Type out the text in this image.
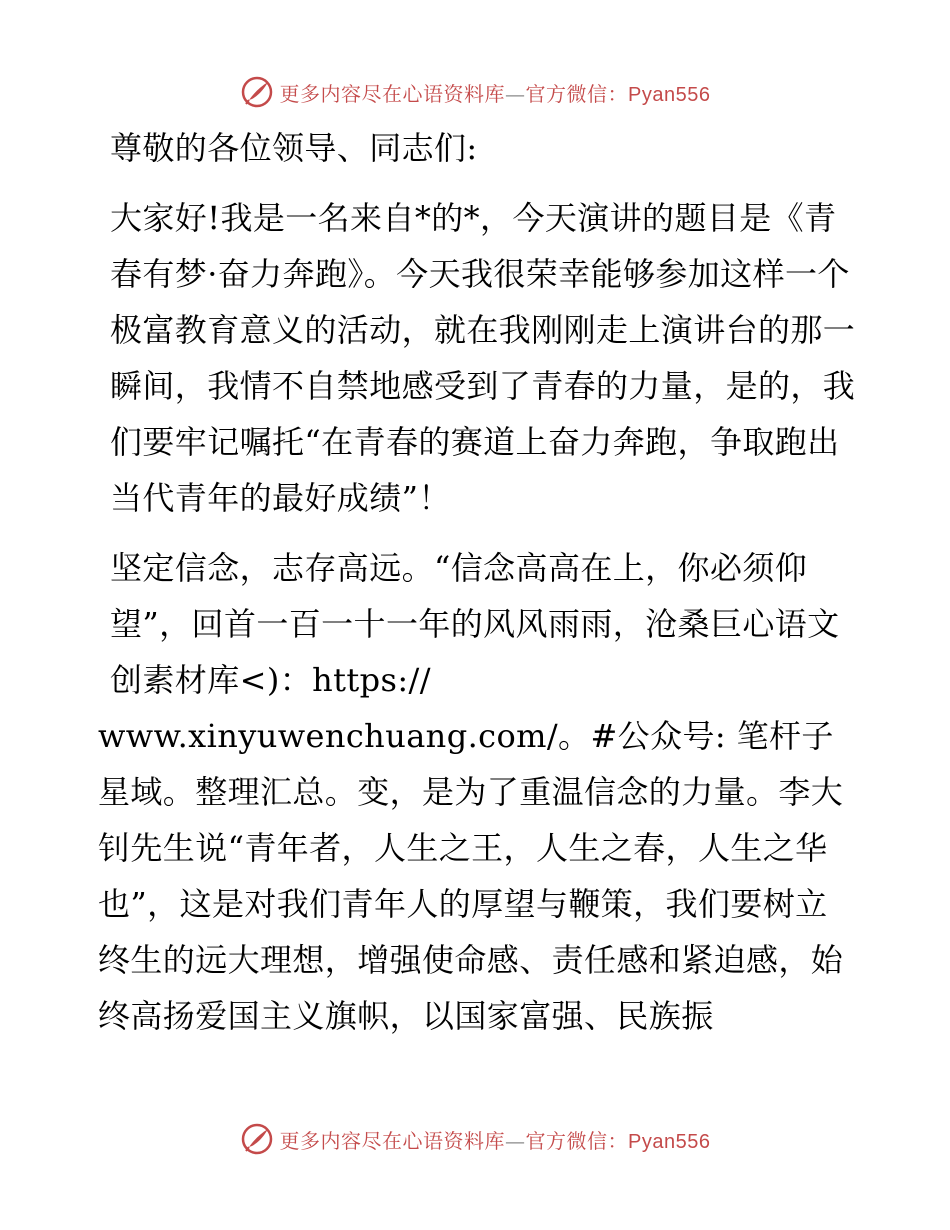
更多内容尽在心语资料库—官方微信：Pyan556

尊敬的各位领导、同志们:

大家好!我是一名来自*的*，今天演讲的题目是《青春有梦·奋力奔跑》。今天我很荣幸能够参加这样一个极富教育意义的活动，就在我刚刚走上演讲台的那一瞬间，我情不自禁地感受到了青春的力量，是的，我们要牢记嘱托“在青春的赛道上奋力奔跑，争取跑出当代青年的最好成绩”！

坚定信念，志存高远。“信念高高在上，你必须仰望”，回首一百一十一年的风风雨雨，沧桑巨心语文创素材库<)：https://

www.xinyuwenchuang.com/。#公众号: 笔杆子星域。整理汇总。变，是为了重温信念的力量。李大钊先生说“青年者，人生之王，人生之春，人生之华也”，这是对我们青年人的厚望与鞭策，我们要树立终生的远大理想，增强使命感、责任感和紧迫感，始终高扬爱国主义旗帜，以国家富强、民族振

更多内容尽在心语资料库—官方微信：Pyan556
